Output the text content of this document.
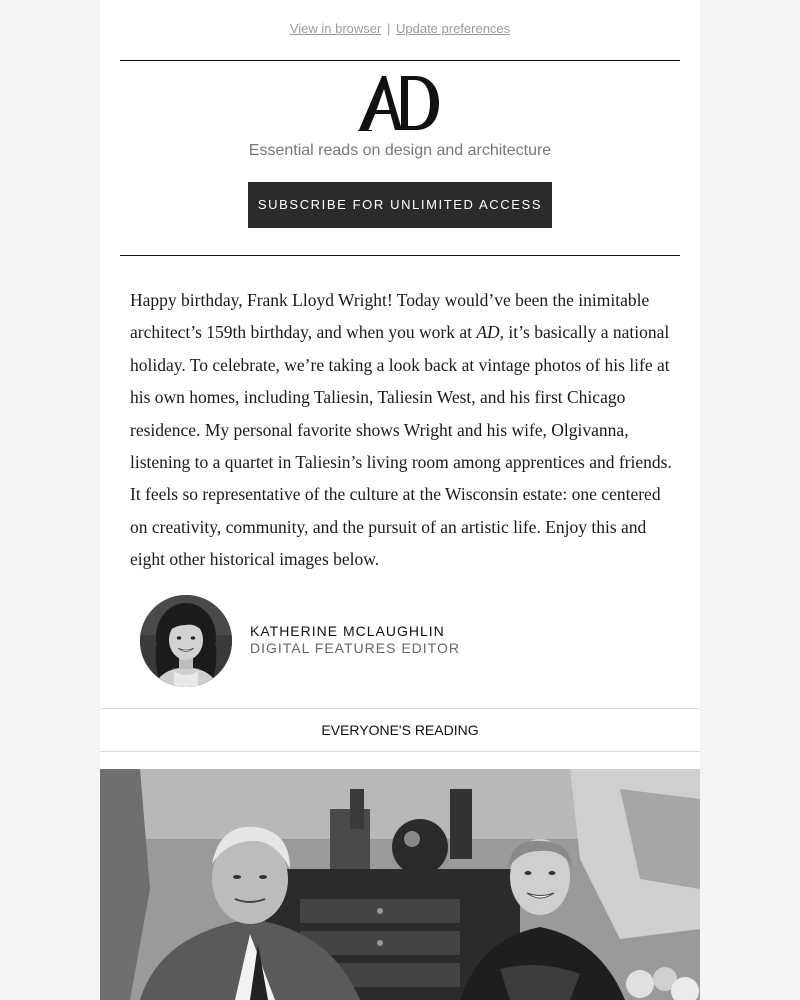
View in browser | Update preferences
Essential reads on design and architecture
SUBSCRIBE FOR UNLIMITED ACCESS

Happy birthday, Frank Lloyd Wright! Today would’ve been the inimitable architect’s 159th birthday, and when you work at AD, it’s basically a national holiday. To celebrate, we’re taking a look back at vintage photos of his life at his own homes, including Taliesin, Taliesin West, and his first Chicago residence. My personal favorite shows Wright and his wife, Olgivanna, listening to a quartet in Taliesin’s living room among apprentices and friends. It feels so representative of the culture at the Wisconsin estate: one centered on creativity, community, and the pursuit of an artistic life. Enjoy this and eight other historical images below.

KATHERINE MCLAUGHLIN
DIGITAL FEATURES EDITOR
EVERYONE'S READING
